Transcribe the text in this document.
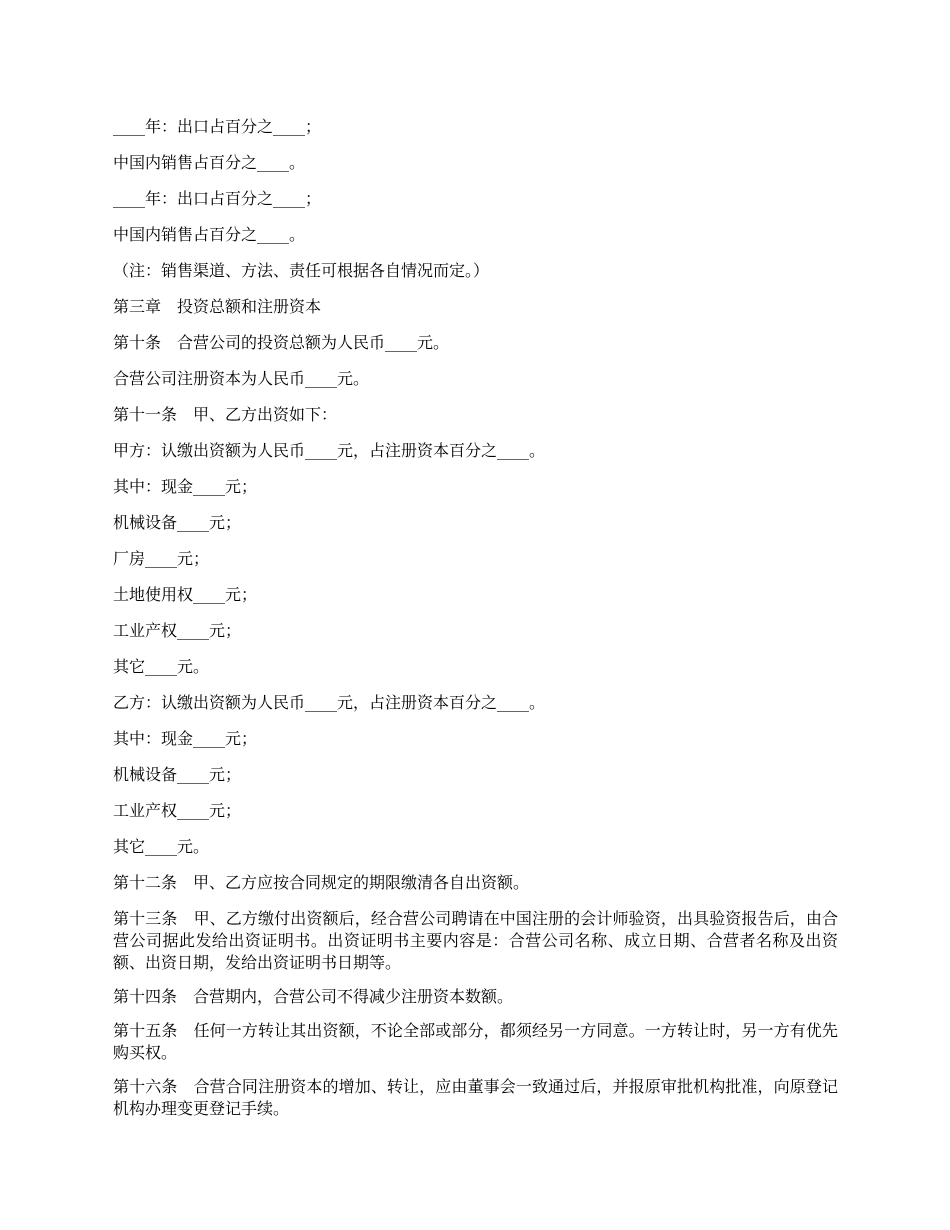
____年：出口占百分之____；
中国内销售占百分之____。
____年：出口占百分之____；
中国内销售占百分之____。
（注：销售渠道、方法、责任可根据各自情况而定。）
第三章　投资总额和注册资本
第十条　合营公司的投资总额为人民币____元。
合营公司注册资本为人民币____元。
第十一条　甲、乙方出资如下：
甲方：认缴出资额为人民币____元，占注册资本百分之____。
其中：现金____元；
机械设备____元；
厂房____元；
土地使用权____元；
工业产权____元；
其它____元。
乙方：认缴出资额为人民币____元，占注册资本百分之____。
其中：现金____元；
机械设备____元；
工业产权____元；
其它____元。
第十二条　甲、乙方应按合同规定的期限缴清各自出资额。
第十三条　甲、乙方缴付出资额后，经合营公司聘请在中国注册的会计师验资，出具验资报告后，由合营公司据此发给出资证明书。出资证明书主要内容是：合营公司名称、成立日期、合营者名称及出资额、出资日期，发给出资证明书日期等。
第十四条　合营期内，合营公司不得减少注册资本数额。
第十五条　任何一方转让其出资额，不论全部或部分，都须经另一方同意。一方转让时，另一方有优先购买权。
第十六条　合营合同注册资本的增加、转让，应由董事会一致通过后，并报原审批机构批准，向原登记机构办理变更登记手续。
